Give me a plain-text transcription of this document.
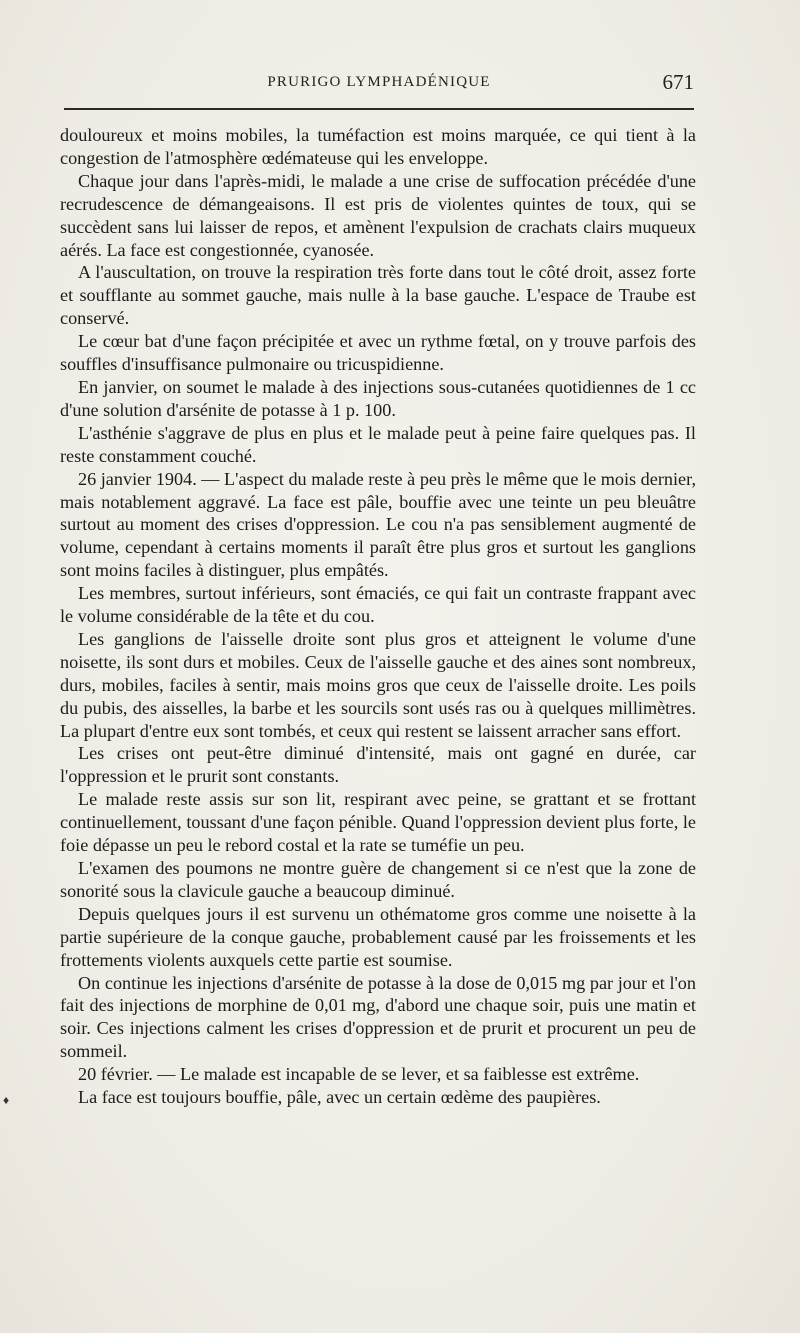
PRURIGO LYMPHADÉNIQUE	671
♦

douloureux et moins mobiles, la tuméfaction est moins marquée, ce qui tient à la congestion de l'atmosphère œdémateuse qui les enveloppe.

Chaque jour dans l'après-midi, le malade a une crise de suffocation précédée d'une recrudescence de démangeaisons. Il est pris de violentes quintes de toux, qui se succèdent sans lui laisser de repos, et amènent l'expulsion de crachats clairs muqueux aérés. La face est congestionnée, cyanosée.

A l'auscultation, on trouve la respiration très forte dans tout le côté droit, assez forte et soufflante au sommet gauche, mais nulle à la base gauche. L'espace de Traube est conservé.

Le cœur bat d'une façon précipitée et avec un rythme fœtal, on y trouve parfois des souffles d'insuffisance pulmonaire ou tricuspidienne.

En janvier, on soumet le malade à des injections sous-cutanées quotidiennes de 1 cc d'une solution d'arsénite de potasse à 1 p. 100.

L'asthénie s'aggrave de plus en plus et le malade peut à peine faire quelques pas. Il reste constamment couché.

26 janvier 1904. — L'aspect du malade reste à peu près le même que le mois dernier, mais notablement aggravé. La face est pâle, bouffie avec une teinte un peu bleuâtre surtout au moment des crises d'oppression. Le cou n'a pas sensiblement augmenté de volume, cependant à certains moments il paraît être plus gros et surtout les ganglions sont moins faciles à distinguer, plus empâtés.

Les membres, surtout inférieurs, sont émaciés, ce qui fait un contraste frappant avec le volume considérable de la tête et du cou.

Les ganglions de l'aisselle droite sont plus gros et atteignent le volume d'une noisette, ils sont durs et mobiles. Ceux de l'aisselle gauche et des aines sont nombreux, durs, mobiles, faciles à sentir, mais moins gros que ceux de l'aisselle droite. Les poils du pubis, des aisselles, la barbe et les sourcils sont usés ras ou à quelques millimètres. La plupart d'entre eux sont tombés, et ceux qui restent se laissent arracher sans effort.

Les crises ont peut-être diminué d'intensité, mais ont gagné en durée, car l'oppression et le prurit sont constants.

Le malade reste assis sur son lit, respirant avec peine, se grattant et se frottant continuellement, toussant d'une façon pénible. Quand l'oppression devient plus forte, le foie dépasse un peu le rebord costal et la rate se tuméfie un peu.

L'examen des poumons ne montre guère de changement si ce n'est que la zone de sonorité sous la clavicule gauche a beaucoup diminué.

Depuis quelques jours il est survenu un othématome gros comme une noisette à la partie supérieure de la conque gauche, probablement causé par les froissements et les frottements violents auxquels cette partie est soumise.

On continue les injections d'arsénite de potasse à la dose de 0,015 mg par jour et l'on fait des injections de morphine de 0,01 mg, d'abord une chaque soir, puis une matin et soir. Ces injections calment les crises d'oppression et de prurit et procurent un peu de sommeil.

20 février. — Le malade est incapable de se lever, et sa faiblesse est extrême.

La face est toujours bouffie, pâle, avec un certain œdème des paupières.
